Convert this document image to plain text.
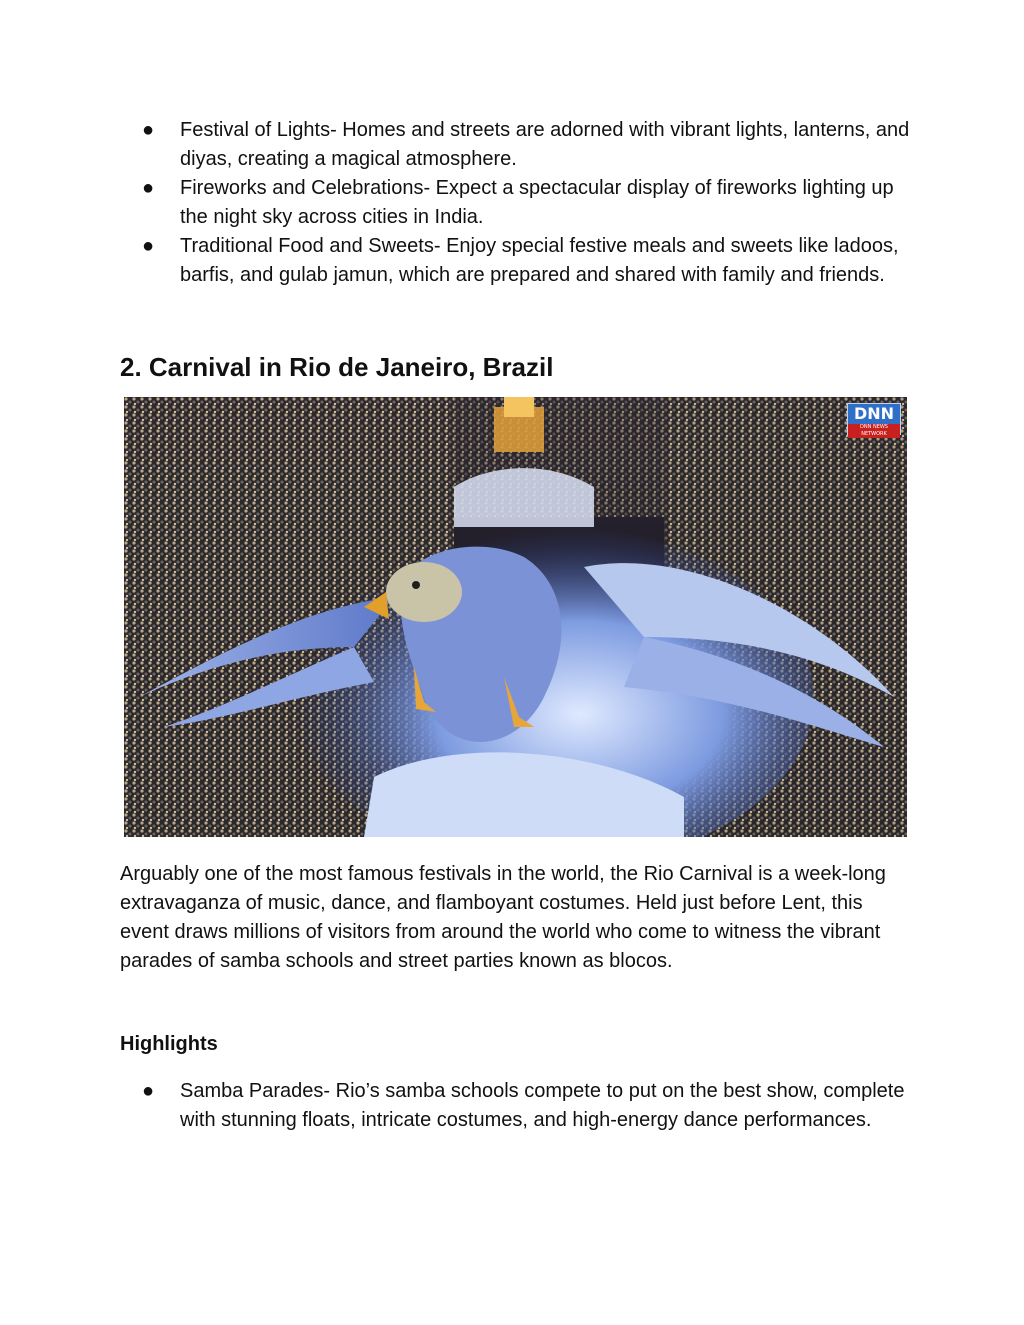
● Festival of Lights- Homes and streets are adorned with vibrant lights, lanterns, and diyas, creating a magical atmosphere.
● Fireworks and Celebrations- Expect a spectacular display of fireworks lighting up the night sky across cities in India.
● Traditional Food and Sweets- Enjoy special festive meals and sweets like ladoos, barfis, and gulab jamun, which are prepared and shared with family and friends.
2. Carnival in Rio de Janeiro, Brazil
DNN
DNN NEWS NETWORK

Arguably one of the most famous festivals in the world, the Rio Carnival is a week-long extravaganza of music, dance, and flamboyant costumes. Held just before Lent, this event draws millions of visitors from around the world who come to witness the vibrant parades of samba schools and street parties known as blocos.

Highlights
● Samba Parades- Rio’s samba schools compete to put on the best show, complete with stunning floats, intricate costumes, and high-energy dance performances.
